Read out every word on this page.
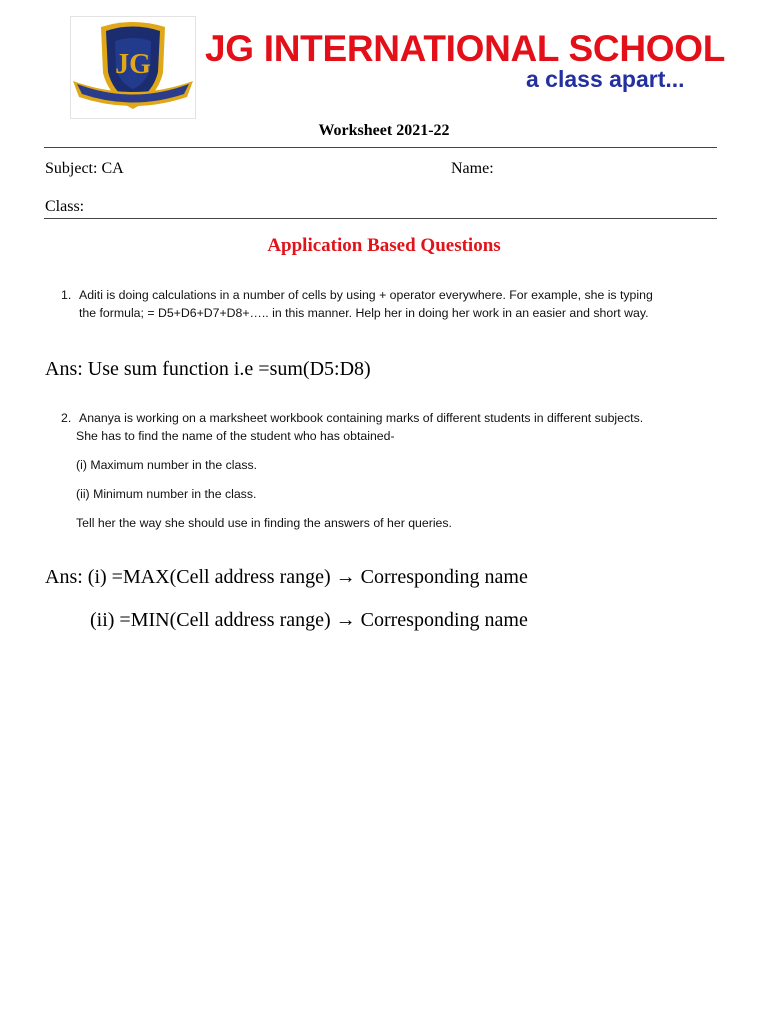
JG JG INTERNATIONAL SCHOOL
a class apart...
Worksheet 2021-22
Subject: CA	Name:
Class:
Application Based Questions
1. Aditi is doing calculations in a number of cells by using + operator everywhere. For example, she is typing
the formula; = D5+D6+D7+D8+….. in this manner. Help her in doing her work in an easier and short way.
Ans: Use sum function i.e =sum(D5:D8)
2. Ananya is working on a marksheet workbook containing marks of different students in different subjects.
She has to find the name of the student who has obtained-
(i) Maximum number in the class.
(ii) Minimum number in the class.
Tell her the way she should use in finding the answers of her queries.
Ans: (i) =MAX(Cell address range) → Corresponding name
(ii) =MIN(Cell address range) → Corresponding name
